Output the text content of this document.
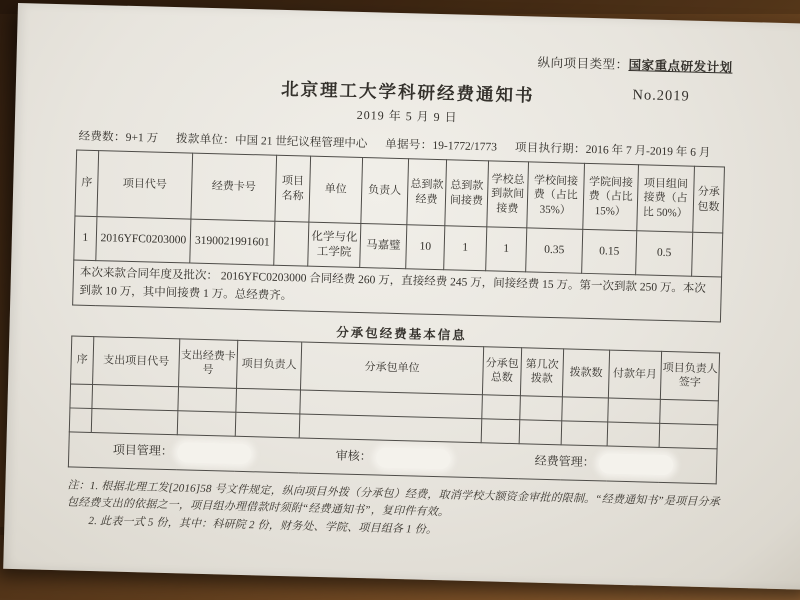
纵向项目类型：国家重点研发计划
北京理工大学科研经费通知书	No.2019
2019 年 5 月 9 日
经费数：9+1 万 拨款单位：中国 21 世纪议程管理中心 单据号：19-1772/1773 项目执行期：2016 年 7 月-2019 年 6 月
序	项目代号	经费卡号	项目名称	单位	负责人	总到款经费	总到款间接费	学校总到款间接费	学校间接费（占比 35%）	学院间接费（占比 15%）	项目组间接费（占比 50%）	分承包数
1	2016YFC0203000	3190021991601		化学与化工学院	马嘉璧	10	1	1	0.35	0.15	0.5	
本次来款合同年度及批次： 2016YFC0203000 合同经费 260 万，直接经费 245 万，间接经费 15 万。第一次到款 250 万。本次到款 10 万，其中间接费 1 万。总经费齐。												
分承包经费基本信息
序	支出项目代号	支出经费卡号	项目负责人	分承包单位	分承包总数	第几次拨款	拨款数	付款年月	项目负责人签字

项目管理： 审核： 经费管理：									
注：1. 根据北理工发[2016]58 号文件规定，纵向项目外拨（分承包）经费，取消学校大额资金审批的限制。“经费通知书”是项目分承包经费支出的依据之一，项目组办理借款时须附“经费通知书”，复印件有效。
2. 此表一式 5 份，其中：科研院 2 份，财务处、学院、项目组各 1 份。
